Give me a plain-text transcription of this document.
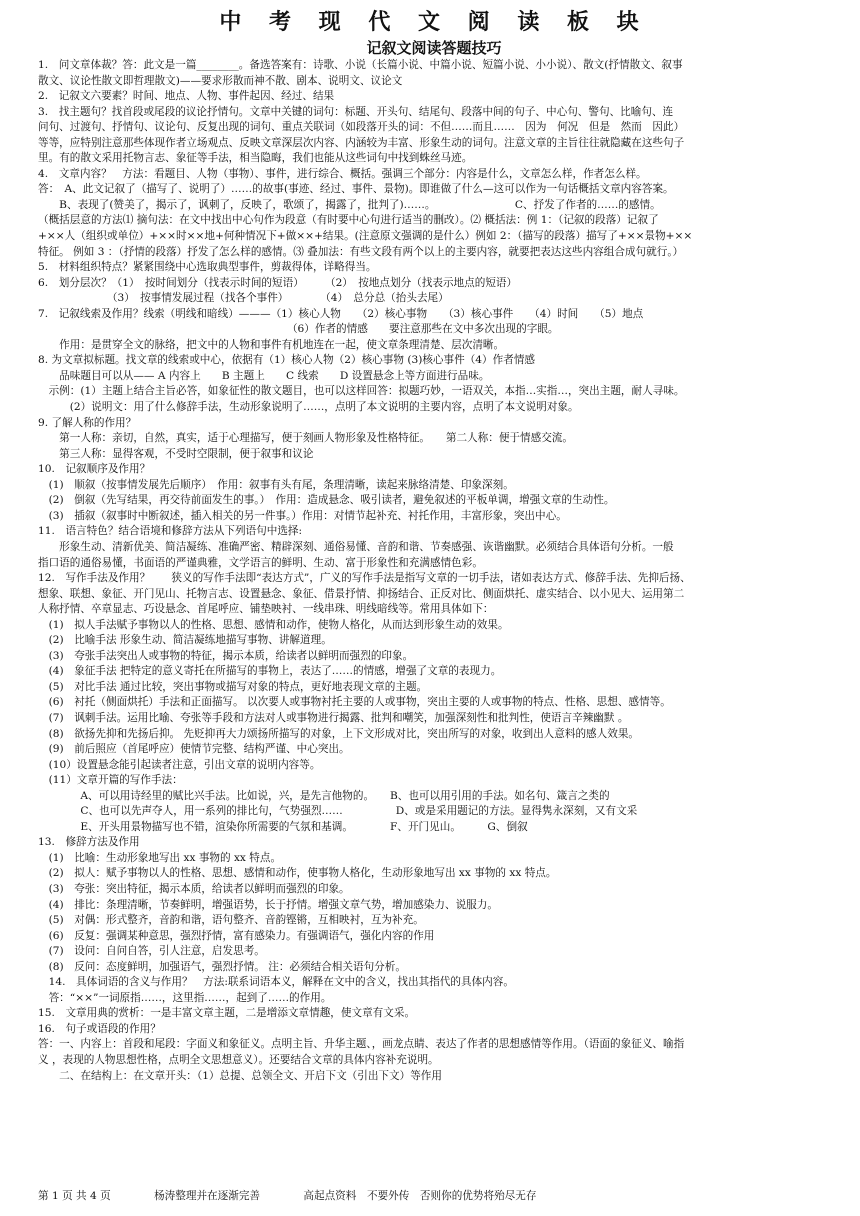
中 考 现 代 文 阅 读 板 块
记叙文阅读答题技巧
1.　问文章体裁？答：此文是一篇________。备选答案有：诗歌、小说（长篇小说、中篇小说、短篇小说、小小说）、散文(抒情散文、叙事
散文、议论性散文即哲理散文)——要求形散而神不散、剧本、说明文、议论文
2.　记叙文六要素？时间、地点、人物、事件起因、经过、结果
3.　找主题句？找首段或尾段的议论抒情句。文章中关键的词句：标题、开头句、结尾句、段落中间的句子、中心句、警句、比喻句、连
问句、过渡句、抒情句、议论句、反复出现的词句、重点关联词（如段落开头的词：不但……而且……　因为　何况　但是　然而　因此）
等等，应特别注意那些体现作者立场观点、反映文章深层次内容、内涵较为丰富、形象生动的词句。注意文章的主旨往往就隐藏在这些句子
里。有的散文采用托物言志、象征等手法，相当隐晦，我们也能从这些词句中找到蛛丝马迹。
4.　文章内容？　方法：看题目、人物（事物）、事件，进行综合、概括。强调三个部分：内容是什么，文章怎么样，作者怎么样。
答：　A、此文记叙了（描写了、说明了）……的故事(事迹、经过、事件、景物)。即谁做了什么—这可以作为一句话概括文章内容答案。
　　B、表现了(赞美了，揭示了，讽刺了，反映了，歌颂了，揭露了，批判了)……。　　　　　　　　C、抒发了作者的……的感情。
（概括层意的方法⑴ 摘句法：在文中找出中心句作为段意（有时要中心句进行适当的删改）。⑵ 概括法：例 1：（记叙的段落）记叙了
+××人（组织或单位）+××时××地+何种情况下+做××+结果。(注意原文强调的是什么）例如 2：（描写的段落）描写了+××景物+××
特征。 例如 3 ：（抒情的段落）抒发了怎么样的感情。⑶ 叠加法：有些文段有两个以上的主要内容，就要把表达这些内容组合成句就行。）
5.　材料组织特点？紧紧围绕中心选取典型事件，剪裁得体，详略得当。
6.　划分层次？（1）　按时间划分（找表示时间的短语）　　　（2）　按地点划分（找表示地点的短语）
　　　　　　　（3）　按事情发展过程（找各个事件）　　　　（4）　总分总（抬头去尾）
7.　记叙线索及作用？线索（明线和暗线）———（1）核心人物　　（2）核心事物　　（3）核心事件　　（4）时间　　（5）地点
　　　　　　　　　　　　　　　　　　　　　　　　（6）作者的情感　　要注意那些在文中多次出现的字眼。
　　作用：是贯穿全文的脉络，把文中的人物和事件有机地连在一起，使文章条理清楚、层次清晰。
8. 为文章拟标题。找文章的线索或中心，依据有（1）核心人物（2）核心事物 (3)核心事件（4）作者情感
　　品味题目可以从—— A 内容上　　B 主题上　　C 线索　　D 设置悬念上等方面进行品味。
　示例：(1）主题上结合主旨必答，如象征性的散文题目，也可以这样回答：拟题巧妙，一语双关，本指…实指…，突出主题，耐人寻味。
　　　(2）说明文：用了什么修辞手法，生动形象说明了……，点明了本文说明的主要内容，点明了本文说明对象。
9. 了解人称的作用？
　　第一人称：亲切，自然，真实，适于心理描写，便于刻画人物形象及性格特征。　　第二人称：便于情感交流。
　　第三人称：显得客观，不受时空限制，便于叙事和议论
10.　记叙顺序及作用？
　(1)　顺叙（按事情发展先后顺序）　作用：叙事有头有尾，条理清晰，读起来脉络清楚、印象深刻。
　(2)　倒叙（先写结果，再交待前面发生的事。）　作用：造成悬念、吸引读者，避免叙述的平板单调，增强文章的生动性。
　(3)　插叙（叙事时中断叙述，插入相关的另一件事。）作用：对情节起补充、衬托作用，丰富形象，突出中心。
11.　语言特色？结合语境和修辞方法从下列语句中选择:
　　形象生动、清新优美、简洁凝练、准确严密、精辟深刻、通俗易懂、音韵和谐、节奏感强、诙谐幽默。必须结合具体语句分析。一般
指口语的通俗易懂，书面语的严谨典雅，文学语言的鲜明、生动、富于形象性和充满感情色彩。
12.　写作手法及作用？　　狭义的写作手法即“表达方式”，广义的写作手法是指写文章的一切手法，诸如表达方式、修辞手法、先抑后扬、
想象、联想、象征、开门见山、托物言志、设置悬念、象征、借景抒情、抑扬结合、正反对比、侧面烘托、虚实结合、以小见大、运用第二
人称抒情、卒章显志、巧设悬念、首尾呼应、铺垫映衬、一线串珠、明线暗线等。常用具体如下：
　(1)　拟人手法赋予事物以人的性格、思想、感情和动作，使物人格化，从而达到形象生动的效果。
　(2)　比喻手法 形象生动、简洁凝练地描写事物、讲解道理。
　(3)　夸张手法突出人或事物的特征，揭示本质，给读者以鲜明而强烈的印象。
　(4)　象征手法 把特定的意义寄托在所描写的事物上，表达了……的情感，增强了文章的表现力。
　(5)　对比手法 通过比较，突出事物或描写对象的特点，更好地表现文章的主题。
　(6)　衬托（侧面烘托）手法和正面描写。 以次要人或事物衬托主要的人或事物，突出主要的人或事物的特点、性格、思想、感情等。
　(7)　讽刺手法。运用比喻、夸张等手段和方法对人或事物进行揭露、批判和嘲笑，加强深刻性和批判性，使语言辛辣幽默 。
　(8)　欲扬先抑和先扬后抑。 先贬抑再大力颂扬所描写的对象，上下文形成对比，突出所写的对象，收到出人意料的感人效果。
　(9)　前后照应（首尾呼应）使情节完整、结构严谨、中心突出。
　(10）设置悬念能引起读者注意，引出文章的说明内容等。
　(11）文章开篇的写作手法：
　　　　A、可以用诗经里的赋比兴手法。比如说，兴，是先言他物的。　　B、也可以用引用的手法。如名句、箴言之类的
　　　　C、也可以先声夺人，用一系列的排比句，气势强烈……　　　　　D、或是采用题记的方法。显得隽永深刻，又有文采
　　　　E、开头用景物描写也不错，渲染你所需要的气氛和基调。　　　　F、开门见山。　　　G、倒叙
13.　修辞方法及作用
　(1)　比喻：生动形象地写出 xx 事物的 xx 特点。
　(2)　拟人：赋予事物以人的性格、思想、感情和动作，使事物人格化，生动形象地写出 xx 事物的 xx 特点。
　(3)　夸张：突出特征，揭示本质，给读者以鲜明而强烈的印象。
　(4)　排比：条理清晰，节奏鲜明，增强语势，长于抒情。增强文章气势，增加感染力、说服力。
　(5)　对偶：形式整齐，音韵和谐，语句整齐、音韵铿锵，互相映衬，互为补充。
　(6)　反复：强调某种意思，强烈抒情，富有感染力。有强调语气，强化内容的作用
　(7)　设问：自问自答，引人注意，启发思考。
　(8)　反问：态度鲜明，加强语气，强烈抒情。 注：必须结合相关语句分析。
　14.　具体词语的含义与作用？　方法:联系词语本义，解释在文中的含义，找出其指代的具体内容。
　答：“××”一词原指……，这里指……，起到了……的作用。
15.　文章用典的赏析：一是丰富文章主题，二是增添文章情趣，使文章有文采。
16.　句子或语段的作用？
答：一、内容上：首段和尾段：字面义和象征义。点明主旨、升华主题、，画龙点睛、表达了作者的思想感情等作用。（语面的象征义、喻指
义 ，表现的人物思想性格，点明全文思想意义）。还要结合文章的具体内容补充说明。
　　二、在结构上：在文章开头：（1）总提、总领全文、开启下文（引出下文）等作用
第 1 页 共 4 页	杨涛整理并在逐渐完善	高起点资料　不要外传　否则你的优势将殆尽无存
